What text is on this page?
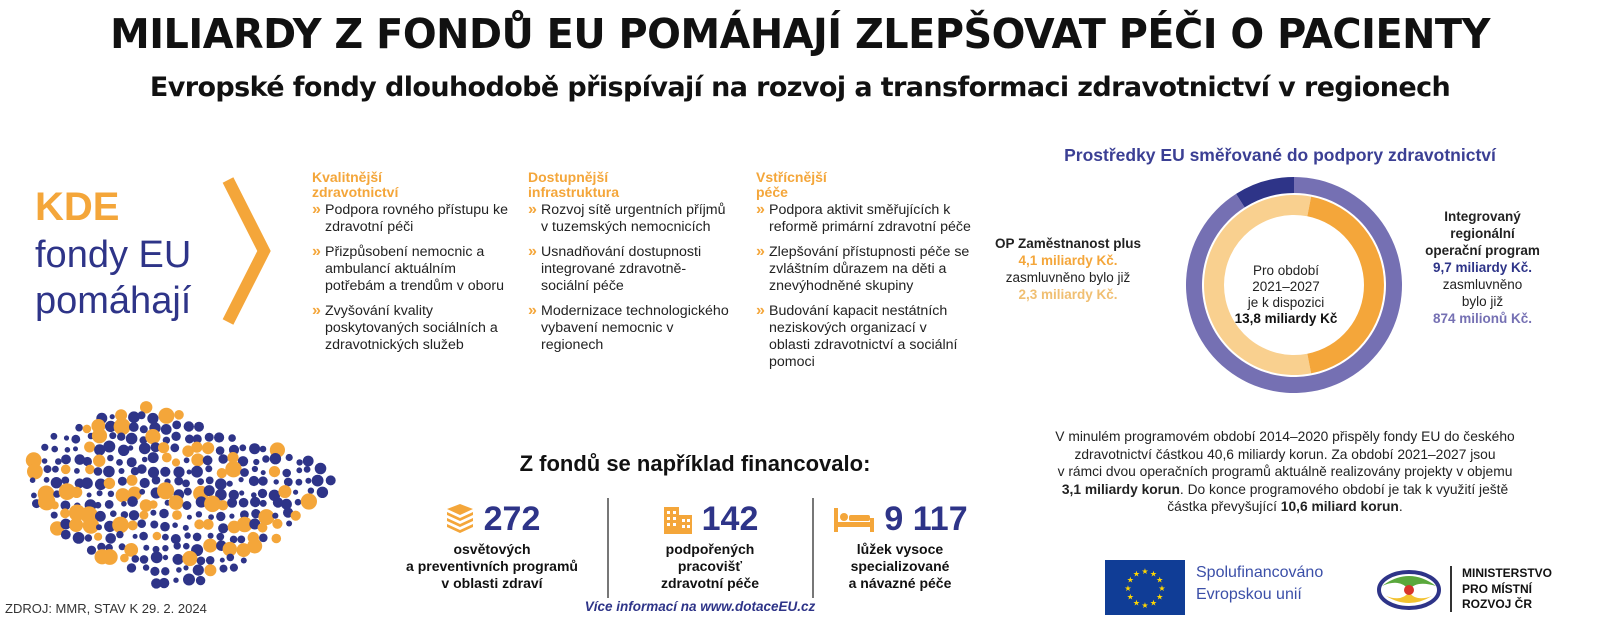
MILIARDY Z FONDŮ EU POMÁHAJÍ ZLEPŠOVAT PÉČI O PACIENTY
Evropské fondy dlouhodobě přispívají na rozvoj a transformaci zdravotnictví v regionech
KDE
fondy EU
pomáhají
Kvalitnější
zdravotnictví
» Podpora rovného přístupu ke zdravotní péči
» Přizpůsobení nemocnic a ambulancí aktuálním potřebám a trendům v oboru
» Zvyšování kvality poskytovaných sociálních a zdravotnických služeb
Dostupnější
infrastruktura
» Rozvoj sítě urgentních příjmů v tuzemských nemocnicích
» Usnadňování dostupnosti integrované zdravotně-sociální péče
» Modernizace technologického vybavení nemocnic v regionech
Vstřícnější
péče
» Podpora aktivit směřujících k reformě primární zdravotní péče
» Zlepšování přístupnosti péče se zvláštním důrazem na děti a znevýhodněné skupiny
» Budování kapacit nestátních neziskových organizací v oblasti zdravotnictví a sociální pomoci
Z fondů se například financovalo:
272
osvětových
a preventivních programů
v oblasti zdraví
142
podpořených
pracovišť
zdravotní péče
9 117
lůžek vysoce
specializované
a návazné péče
Více informací na www.dotaceEU.cz
ZDROJ: MMR, STAV K 29. 2. 2024
Prostředky EU směřované do podpory zdravotnictví
Pro období
2021–2027
je k dispozici
13,8 miliardy Kč
OP Zaměstnanost plus
4,1 miliardy Kč.
zasmluvněno bylo již
2,3 miliardy Kč.
Integrovaný
regionální
operační program
9,7 miliardy Kč.
zasmluvněno
bylo již
874 milionů Kč.
V minulém programovém období 2014–2020 přispěly fondy EU do českého
zdravotnictví částkou 40,6 miliardy korun. Za období 2021–2027 jsou
v rámci dvou operačních programů aktuálně realizovány projekty v objemu
3,1 miliardy korun. Do konce programového období je tak k využití ještě
částka převyšující 10,6 miliard korun.
★
★
★
★
★
★
★
★
★ ★ ★
★ Spolufinancováno
Evropskou unií
MINISTERSTVO
PRO MÍSTNÍ
ROZVOJ ČR
